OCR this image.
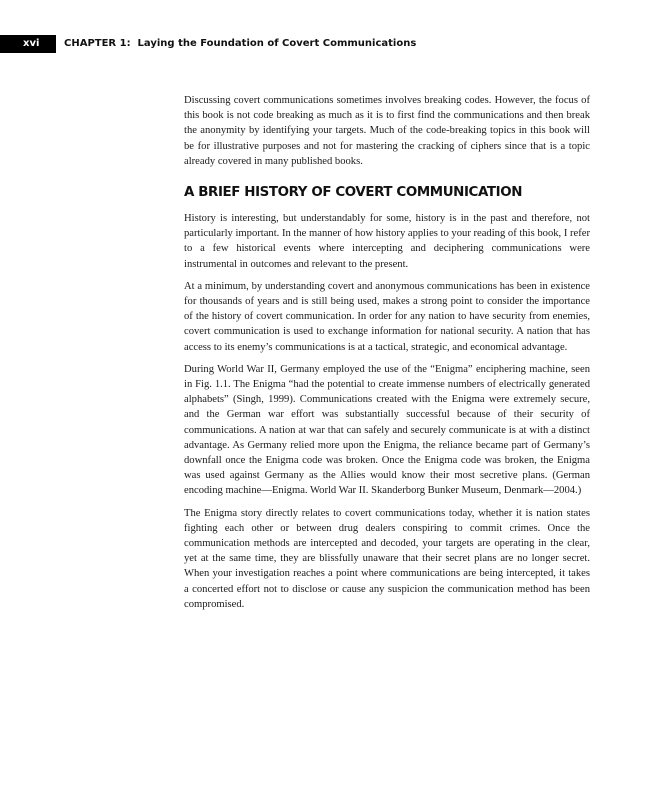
xvi	CHAPTER 1: Laying the Foundation of Covert Communications

Discussing covert communications sometimes involves breaking codes. However, the focus of this book is not code breaking as much as it is to first find the communications and then break the anonymity by identifying your targets. Much of the code-breaking topics in this book will be for illustrative purposes and not for mastering the cracking of ciphers since that is a topic already covered in many published books.

A BRIEF HISTORY OF COVERT COMMUNICATION

History is interesting, but understandably for some, history is in the past and therefore, not particularly important. In the manner of how history applies to your reading of this book, I refer to a few historical events where intercepting and deciphering communications were instrumental in outcomes and relevant to the present.

At a minimum, by understanding covert and anonymous communications has been in existence for thousands of years and is still being used, makes a strong point to consider the importance of the history of covert communication. In order for any nation to have security from enemies, covert communication is used to exchange information for national security. A nation that has access to its enemy’s communications is at a tactical, strategic, and economical advantage.

During World War II, Germany employed the use of the “Enigma” enciphering machine, seen in Fig. 1.1. The Enigma “had the potential to create immense numbers of electrically generated alphabets” (Singh, 1999). Communications created with the Enigma were extremely secure, and the German war effort was substantially successful because of their security of communications. A nation at war that can safely and securely communicate is at with a distinct advantage. As Germany relied more upon the Enigma, the reliance became part of Germany’s downfall once the Enigma code was broken. Once the Enigma code was broken, the Enigma was used against Germany as the Allies would know their most secretive plans. (German encoding machine—Enigma. World War II. Skanderborg Bunker Museum, Denmark—2004.)

The Enigma story directly relates to covert communications today, whether it is nation states fighting each other or between drug dealers conspiring to commit crimes. Once the communication methods are intercepted and decoded, your targets are operating in the clear, yet at the same time, they are blissfully unaware that their secret plans are no longer secret. When your investigation reaches a point where communications are being intercepted, it takes a concerted effort not to disclose or cause any suspicion the communication method has been compromised.
